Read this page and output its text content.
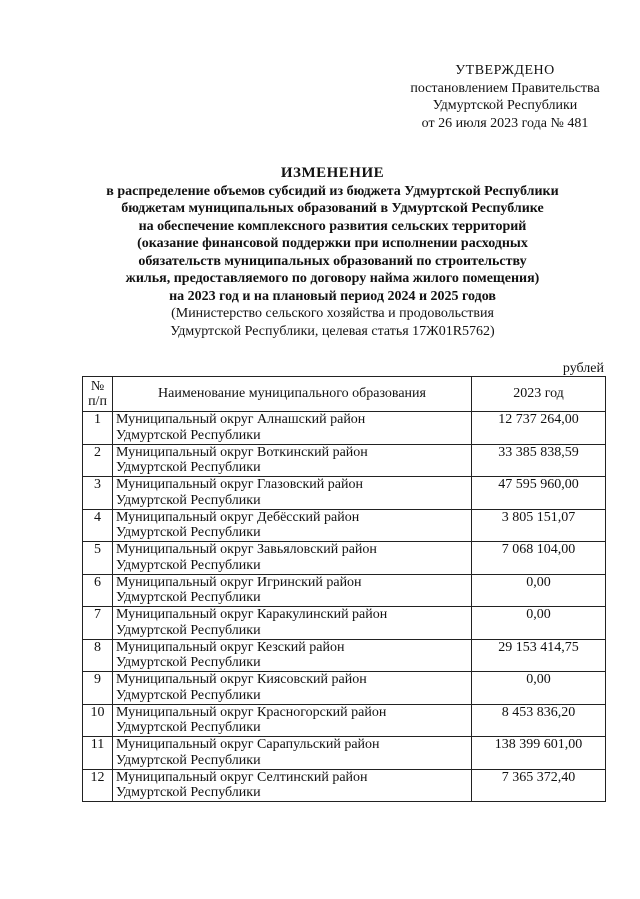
УТВЕРЖДЕНО
постановлением Правительства
Удмуртской Республики
от 26 июля 2023 года № 481
ИЗМЕНЕНИЕ
в распределение объемов субсидий из бюджета Удмуртской Республики
бюджетам муниципальных образований в Удмуртской Республике
на обеспечение комплексного развития сельских территорий
(оказание финансовой поддержки при исполнении расходных
обязательств муниципальных образований по строительству
жилья, предоставляемого по договору найма жилого помещения)
на 2023 год и на плановый период 2024 и 2025 годов
(Министерство сельского хозяйства и продовольствия
Удмуртской Республики, целевая статья 17Ж01R5762)
рублей
№
п/п	Наименование муниципального образования	2023 год
1	Муниципальный округ Алнашский район
Удмуртской Республики	12 737 264,00
2	Муниципальный округ Воткинский район
Удмуртской Республики	33 385 838,59
3	Муниципальный округ Глазовский район
Удмуртской Республики	47 595 960,00
4	Муниципальный округ Дебёсский район
Удмуртской Республики	3 805 151,07
5	Муниципальный округ Завьяловский район
Удмуртской Республики	7 068 104,00
6	Муниципальный округ Игринский район
Удмуртской Республики	0,00
7	Муниципальный округ Каракулинский район
Удмуртской Республики	0,00
8	Муниципальный округ Кезский район
Удмуртской Республики	29 153 414,75
9	Муниципальный округ Киясовский район
Удмуртской Республики	0,00
10	Муниципальный округ Красногорский район
Удмуртской Республики	8 453 836,20
11	Муниципальный округ Сарапульский район
Удмуртской Республики	138 399 601,00
12	Муниципальный округ Селтинский район
Удмуртской Республики	7 365 372,40
